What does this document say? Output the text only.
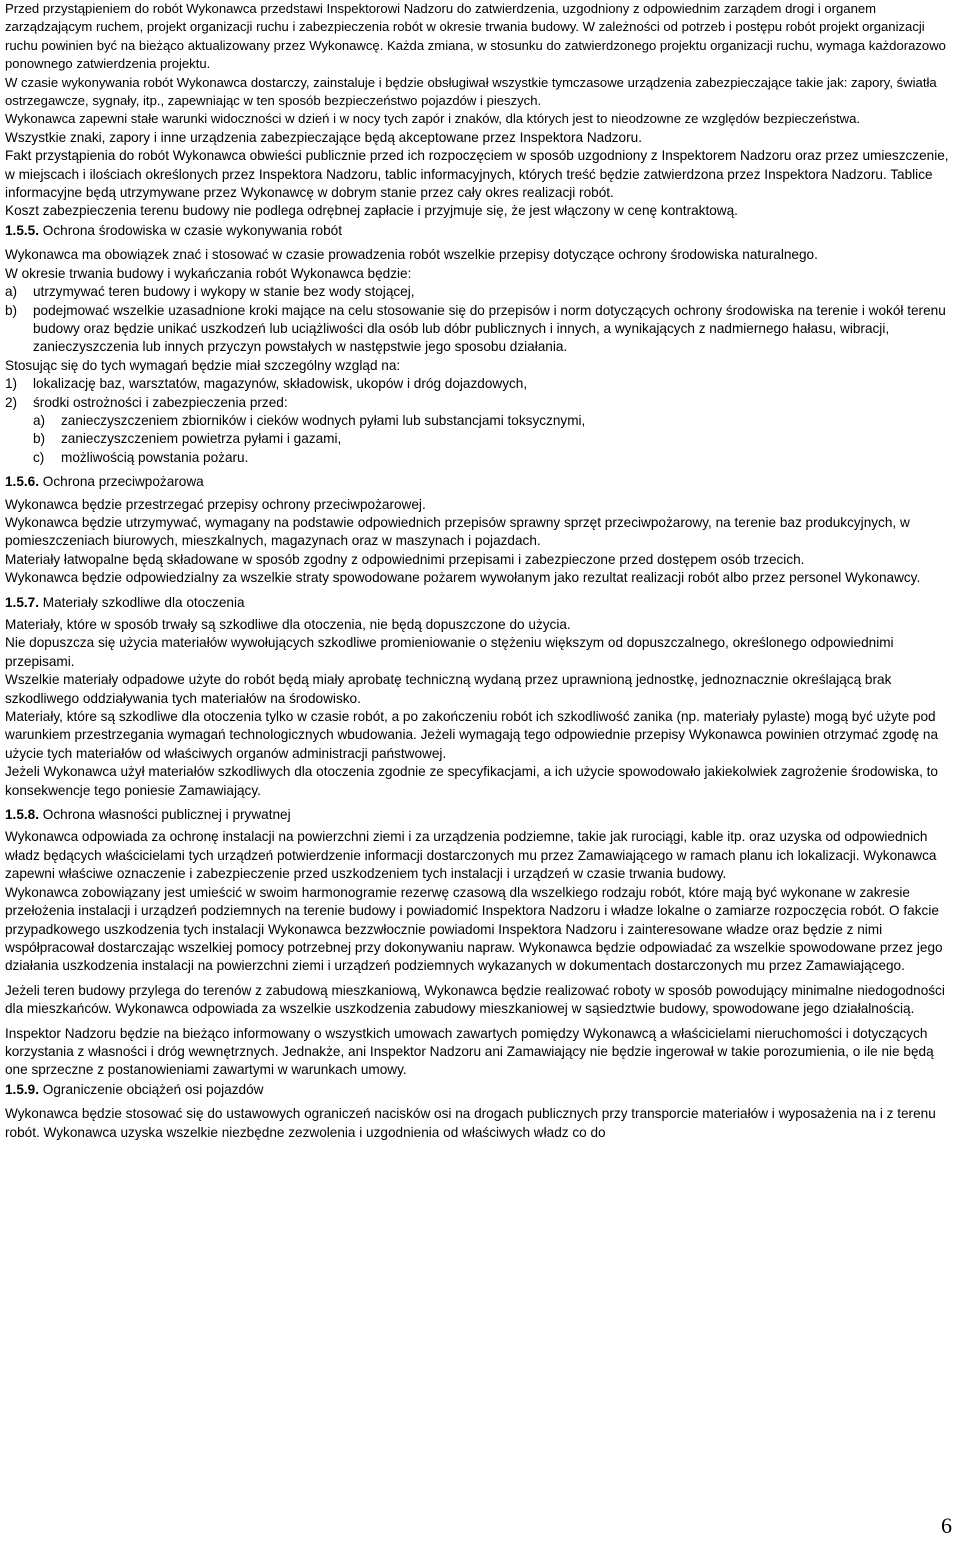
Przed przystąpieniem do robót Wykonawca przedstawi Inspektorowi Nadzoru do zatwierdzenia, uzgodniony z odpowiednim zarządem drogi i organem zarządzającym ruchem, projekt organizacji ruchu i zabezpieczenia robót w okresie trwania budowy. W zależności od potrzeb i postępu robót projekt organizacji ruchu powinien być na bieżąco aktualizowany przez Wykonawcę. Każda zmiana, w stosunku do zatwierdzonego projektu organizacji ruchu, wymaga każdorazowo ponownego zatwierdzenia projektu.

W czasie wykonywania robót Wykonawca dostarczy, zainstaluje i będzie obsługiwał wszystkie tymczasowe urządzenia zabezpieczające takie jak: zapory, światła ostrzegawcze, sygnały, itp., zapewniając w ten sposób bezpieczeństwo pojazdów i pieszych.

Wykonawca zapewni stałe warunki widoczności w dzień i w nocy tych zapór i znaków, dla których jest to nieodzowne ze względów bezpieczeństwa.

Wszystkie znaki, zapory i inne urządzenia zabezpieczające będą akceptowane przez Inspektora Nadzoru.

Fakt przystąpienia do robót Wykonawca obwieści publicznie przed ich rozpoczęciem w sposób uzgodniony z Inspektorem Nadzoru oraz przez umieszczenie, w miejscach i ilościach określonych przez Inspektora Nadzoru, tablic informacyjnych, których treść będzie zatwierdzona przez Inspektora Nadzoru. Tablice informacyjne będą utrzymywane przez Wykonawcę w dobrym stanie przez cały okres realizacji robót.

Koszt zabezpieczenia terenu budowy nie podlega odrębnej zapłacie i przyjmuje się, że jest włączony w cenę kontraktową.

1.5.5. Ochrona środowiska w czasie wykonywania robót

Wykonawca ma obowiązek znać i stosować w czasie prowadzenia robót wszelkie przepisy dotyczące ochrony środowiska naturalnego.

W okresie trwania budowy i wykańczania robót Wykonawca będzie:

a)	utrzymywać teren budowy i wykopy w stanie bez wody stojącej,
b)	podejmować wszelkie uzasadnione kroki mające na celu stosowanie się do przepisów i norm dotyczących ochrony środowiska na terenie i wokół terenu budowy oraz będzie unikać uszkodzeń lub uciążliwości dla osób lub dóbr publicznych i innych, a wynikających z nadmiernego hałasu, wibracji, zanieczyszczenia lub innych przyczyn powstałych w następstwie jego sposobu działania.

Stosując się do tych wymagań będzie miał szczególny wzgląd na:

1)	lokalizację baz, warsztatów, magazynów, składowisk, ukopów i dróg dojazdowych,
2)	środki ostrożności i zabezpieczenia przed:
a)	zanieczyszczeniem zbiorników i cieków wodnych pyłami lub substancjami toksycznymi,
b)	zanieczyszczeniem powietrza pyłami i gazami,
c)	możliwością powstania pożaru.
1.5.6. Ochrona przeciwpożarowa

Wykonawca będzie przestrzegać przepisy ochrony przeciwpożarowej.

Wykonawca będzie utrzymywać, wymagany na podstawie odpowiednich przepisów sprawny sprzęt przeciwpożarowy, na terenie baz produkcyjnych, w pomieszczeniach biurowych, mieszkalnych, magazynach oraz w maszynach i pojazdach.

Materiały łatwopalne będą składowane w sposób zgodny z odpowiednimi przepisami i zabezpieczone przed dostępem osób trzecich.

Wykonawca będzie odpowiedzialny za wszelkie straty spowodowane pożarem wywołanym jako rezultat realizacji robót albo przez personel Wykonawcy.

1.5.7. Materiały szkodliwe dla otoczenia

Materiały, które w sposób trwały są szkodliwe dla otoczenia, nie będą dopuszczone do użycia.

Nie dopuszcza się użycia materiałów wywołujących szkodliwe promieniowanie o stężeniu większym od dopuszczalnego, określonego odpowiednimi przepisami.

Wszelkie materiały odpadowe użyte do robót będą miały aprobatę techniczną wydaną przez uprawnioną jednostkę, jednoznacznie określającą brak szkodliwego oddziaływania tych materiałów na środowisko.

Materiały, które są szkodliwe dla otoczenia tylko w czasie robót, a po zakończeniu robót ich szkodliwość zanika (np. materiały pylaste) mogą być użyte pod warunkiem przestrzegania wymagań technologicznych wbudowania. Jeżeli wymagają tego odpowiednie przepisy Wykonawca powinien otrzymać zgodę na użycie tych materiałów od właściwych organów administracji państwowej.

Jeżeli Wykonawca użył materiałów szkodliwych dla otoczenia zgodnie ze specyfikacjami, a ich użycie spowodowało jakiekolwiek zagrożenie środowiska, to konsekwencje tego poniesie Zamawiający.

1.5.8. Ochrona własności publicznej i prywatnej

Wykonawca odpowiada za ochronę instalacji na powierzchni ziemi i za urządzenia podziemne, takie jak rurociągi, kable itp. oraz uzyska od odpowiednich władz będących właścicielami tych urządzeń potwierdzenie informacji dostarczonych mu przez Zamawiającego w ramach planu ich lokalizacji. Wykonawca zapewni właściwe oznaczenie i zabezpieczenie przed uszkodzeniem tych instalacji i urządzeń w czasie trwania budowy.

Wykonawca zobowiązany jest umieścić w swoim harmonogramie rezerwę czasową dla wszelkiego rodzaju robót, które mają być wykonane w zakresie przełożenia instalacji i urządzeń podziemnych na terenie budowy i powiadomić Inspektora Nadzoru i władze lokalne o zamiarze rozpoczęcia robót. O fakcie przypadkowego uszkodzenia tych instalacji Wykonawca bezzwłocznie powiadomi Inspektora Nadzoru i zainteresowane władze oraz będzie z nimi współpracował dostarczając wszelkiej pomocy potrzebnej przy dokonywaniu napraw. Wykonawca będzie odpowiadać za wszelkie spowodowane przez jego działania uszkodzenia instalacji na powierzchni ziemi i urządzeń podziemnych wykazanych w dokumentach dostarczonych mu przez Zamawiającego.

Jeżeli teren budowy przylega do terenów z zabudową mieszkaniową, Wykonawca będzie realizować roboty w sposób powodujący minimalne niedogodności dla mieszkańców. Wykonawca odpowiada za wszelkie uszkodzenia zabudowy mieszkaniowej w sąsiedztwie budowy, spowodowane jego działalnością.

Inspektor Nadzoru będzie na bieżąco informowany o wszystkich umowach zawartych pomiędzy Wykonawcą a właścicielami nieruchomości i dotyczących korzystania z własności i dróg wewnętrznych. Jednakże, ani Inspektor Nadzoru ani Zamawiający nie będzie ingerował w takie porozumienia, o ile nie będą one sprzeczne z postanowieniami zawartymi w warunkach umowy.

1.5.9. Ograniczenie obciążeń osi pojazdów

Wykonawca będzie stosować się do ustawowych ograniczeń nacisków osi na drogach publicznych przy transporcie materiałów i wyposażenia na i z terenu robót. Wykonawca uzyska wszelkie niezbędne zezwolenia i uzgodnienia od właściwych władz co do

6
